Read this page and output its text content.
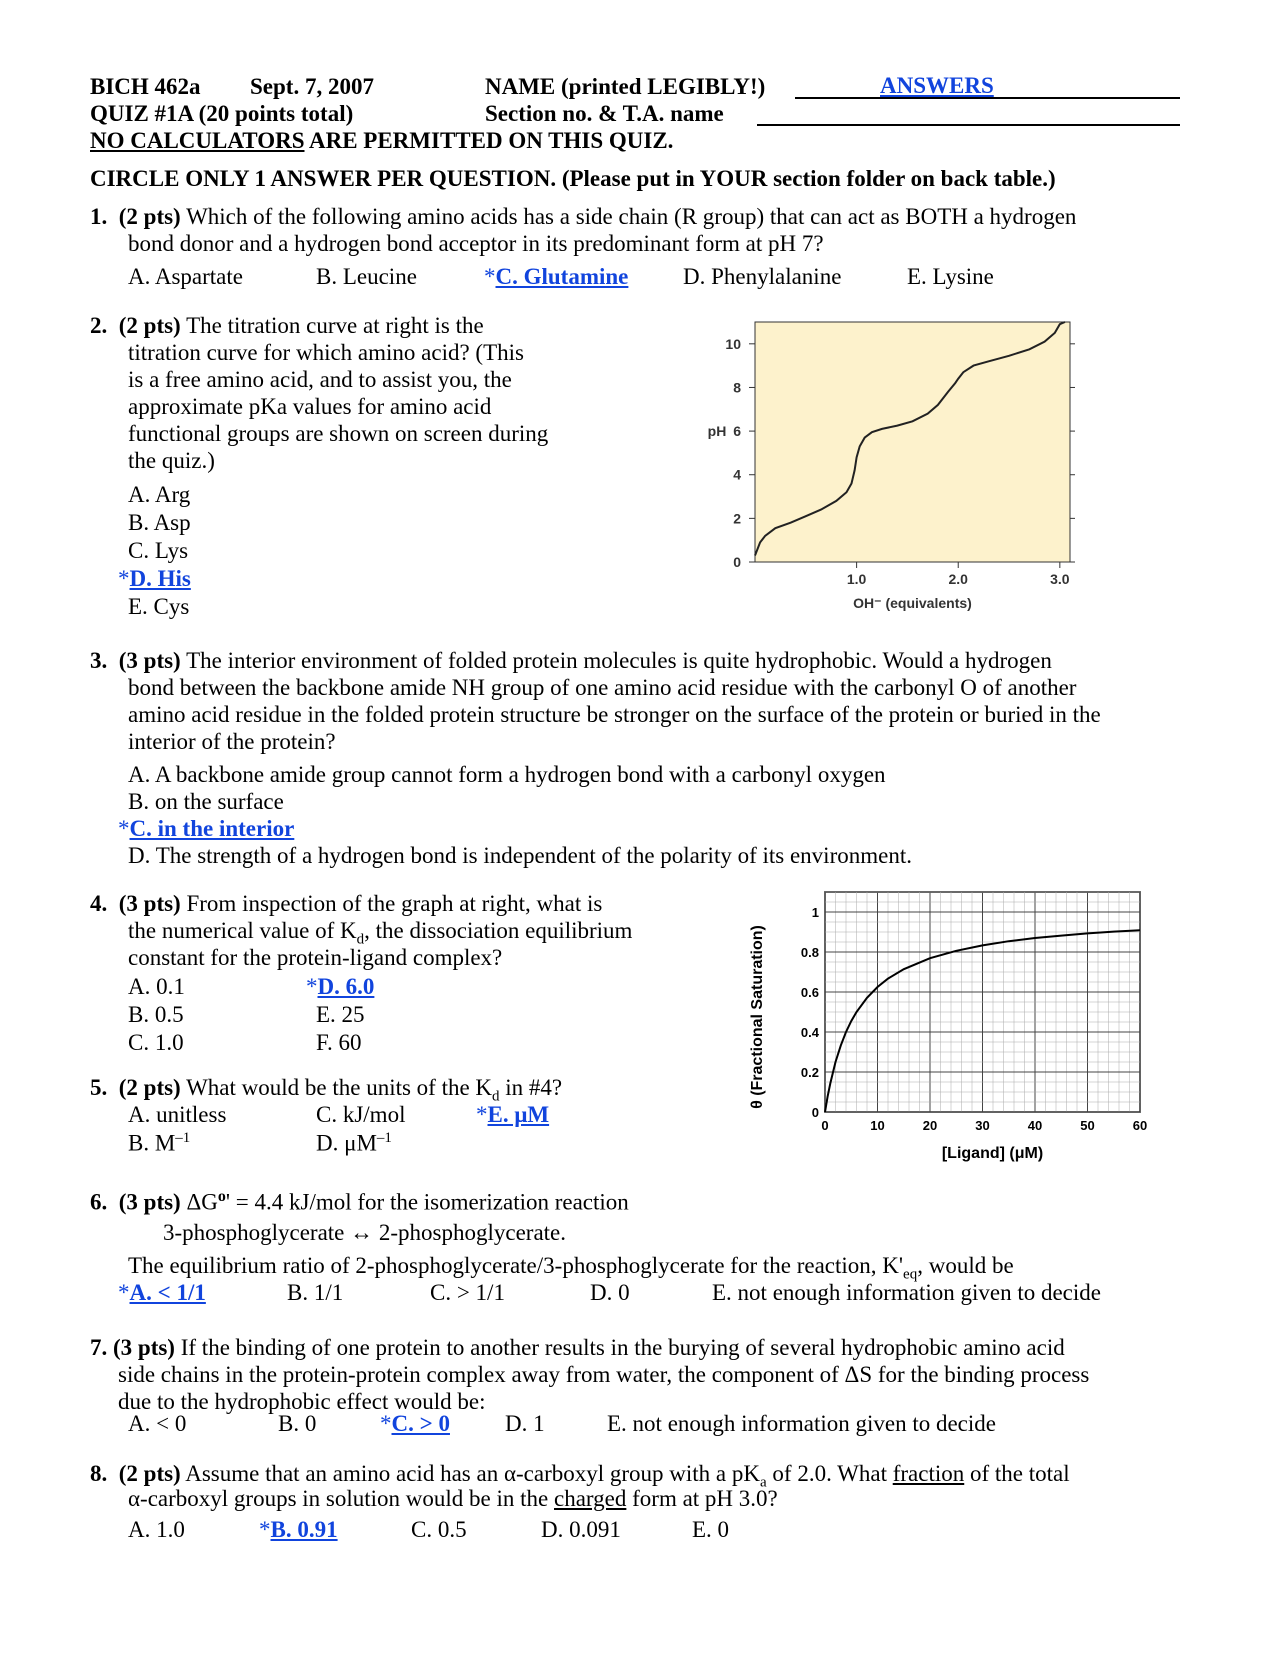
BICH 462a Sept. 7, 2007	NAME (printed LEGIBLY!)	ANSWERS
QUIZ #1A (20 points total)	Section no. & T.A. name
NO CALCULATORS ARE PERMITTED ON THIS QUIZ.
CIRCLE ONLY 1 ANSWER PER QUESTION. (Please put in YOUR section folder on back table.)
1. (2 pts) Which of the following amino acids has a side chain (R group) that can act as BOTH a hydrogen
bond donor and a hydrogen bond acceptor in its predominant form at pH 7?
A. Aspartate	B. Leucine	*C. Glutamine D. Phenylalanine	E. Lysine
2. (2 pts) The titration curve at right is the
titration curve for which amino acid? (This
is a free amino acid, and to assist you, the
approximate pKa values for amino acid
functional groups are shown on screen during
the quiz.)
A. Arg
B. Asp
C. Lys
*D. His
E. Cys
0
2
4
6
8
10
1.0	2.0	3.0
OH⁻ (equivalents)
pH
3. (3 pts) The interior environment of folded protein molecules is quite hydrophobic. Would a hydrogen
bond between the backbone amide NH group of one amino acid residue with the carbonyl O of another
amino acid residue in the folded protein structure be stronger on the surface of the protein or buried in the
interior of the protein?
A. A backbone amide group cannot form a hydrogen bond with a carbonyl oxygen
B. on the surface
*C. in the interior
D. The strength of a hydrogen bond is independent of the polarity of its environment.
4. (3 pts) From inspection of the graph at right, what is
the numerical value of $K_d$, the dissociation equilibrium
constant for the protein-ligand complex?
A. 0.1
B. 0.5
C. 1.0
*D. 6.0
E. 25
F. 60
5. (2 pts) What would be the units of the $K_d$ in #4?
A. unitless
B. $M^{-1}$
C. kJ/mol
D. $\mu M^{-1}$
*E. μM	0
0.2
0.4
0.6
0.8
1
0	10	20	30	40	50	60
[Ligand] (μM)
θ (Fractional Saturation)
6. (3 pts) $\Delta G^o' = 4.4$ kJ/mol for the isomerization reaction
3-phosphoglycerate ↔ 2-phosphoglycerate.
The equilibrium ratio of 2-phosphoglycerate/3-phosphoglycerate for the reaction, $K'_{eq}$, would be
*A. < 1/1	B. 1/1	C. > 1/1	D. 0	E. not enough information given to decide
7. (3 pts) If the binding of one protein to another results in the burying of several hydrophobic amino acid
side chains in the protein-protein complex away from water, the component of ΔS for the binding process
due to the hydrophobic effect would be:
A. < 0	B. 0	*C. > 0 D. 1	E. not enough information given to decide
8. (2 pts) Assume that an amino acid has an α-carboxyl group with a $pK_a$ of 2.0. What fraction of the total
α-carboxyl groups in solution would be in the charged form at pH 3.0?
A. 1.0	*B. 0.91	C. 0.5	D. 0.091	E. 0
